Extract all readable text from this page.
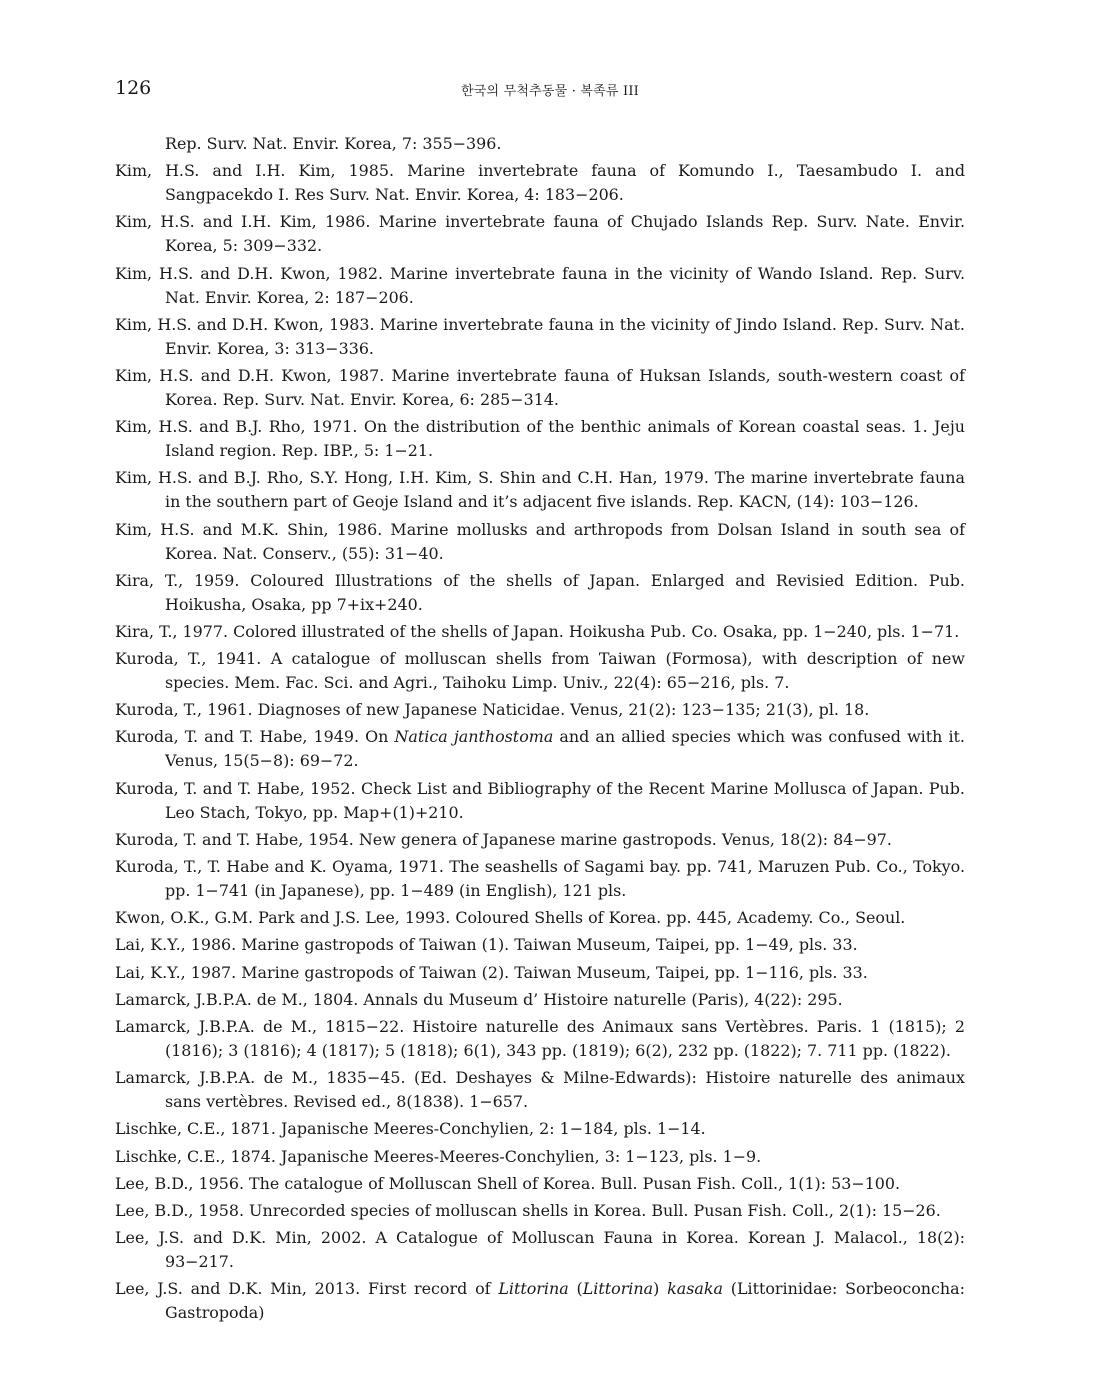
126	한국의 무척추동물 · 복족류 III
Rep. Surv. Nat. Envir. Korea, 7: 355−396.
Kim, H.S. and I.H. Kim, 1985. Marine invertebrate fauna of Komundo I., Taesambudo I. and Sangpacekdo I. Res Surv. Nat. Envir. Korea, 4: 183−206.
Kim, H.S. and I.H. Kim, 1986. Marine invertebrate fauna of Chujado Islands Rep. Surv. Nate. Envir. Korea, 5: 309−332.
Kim, H.S. and D.H. Kwon, 1982. Marine invertebrate fauna in the vicinity of Wando Island. Rep. Surv. Nat. Envir. Korea, 2: 187−206.
Kim, H.S. and D.H. Kwon, 1983. Marine invertebrate fauna in the vicinity of Jindo Island. Rep. Surv. Nat. Envir. Korea, 3: 313−336.
Kim, H.S. and D.H. Kwon, 1987. Marine invertebrate fauna of Huksan Islands, south-western coast of Korea. Rep. Surv. Nat. Envir. Korea, 6: 285−314.
Kim, H.S. and B.J. Rho, 1971. On the distribution of the benthic animals of Korean coastal seas. 1. Jeju Island region. Rep. IBP., 5: 1−21.
Kim, H.S. and B.J. Rho, S.Y. Hong, I.H. Kim, S. Shin and C.H. Han, 1979. The marine invertebrate fauna in the southern part of Geoje Island and it’s adjacent five islands. Rep. KACN, (14): 103−126.
Kim, H.S. and M.K. Shin, 1986. Marine mollusks and arthropods from Dolsan Island in south sea of Korea. Nat. Conserv., (55): 31−40.
Kira, T., 1959. Coloured Illustrations of the shells of Japan. Enlarged and Revisied Edition. Pub. Hoikusha, Osaka, pp 7+ix+240.
Kira, T., 1977. Colored illustrated of the shells of Japan. Hoikusha Pub. Co. Osaka, pp. 1−240, pls. 1−71.
Kuroda, T., 1941. A catalogue of molluscan shells from Taiwan (Formosa), with description of new species. Mem. Fac. Sci. and Agri., Taihoku Limp. Univ., 22(4): 65−216, pls. 7.
Kuroda, T., 1961. Diagnoses of new Japanese Naticidae. Venus, 21(2): 123−135; 21(3), pl. 18.
Kuroda, T. and T. Habe, 1949. On Natica janthostoma and an allied species which was confused with it. Venus, 15(5−8): 69−72.
Kuroda, T. and T. Habe, 1952. Check List and Bibliography of the Recent Marine Mollusca of Japan. Pub. Leo Stach, Tokyo, pp. Map+(1)+210.
Kuroda, T. and T. Habe, 1954. New genera of Japanese marine gastropods. Venus, 18(2): 84−97.
Kuroda, T., T. Habe and K. Oyama, 1971. The seashells of Sagami bay. pp. 741, Maruzen Pub. Co., Tokyo. pp. 1−741 (in Japanese), pp. 1−489 (in English), 121 pls.
Kwon, O.K., G.M. Park and J.S. Lee, 1993. Coloured Shells of Korea. pp. 445, Academy. Co., Seoul.
Lai, K.Y., 1986. Marine gastropods of Taiwan (1). Taiwan Museum, Taipei, pp. 1−49, pls. 33.
Lai, K.Y., 1987. Marine gastropods of Taiwan (2). Taiwan Museum, Taipei, pp. 1−116, pls. 33.
Lamarck, J.B.P.A. de M., 1804. Annals du Museum d’ Histoire naturelle (Paris), 4(22): 295.
Lamarck, J.B.P.A. de M., 1815−22. Histoire naturelle des Animaux sans Vertèbres. Paris. 1 (1815); 2 (1816); 3 (1816); 4 (1817); 5 (1818); 6(1), 343 pp. (1819); 6(2), 232 pp. (1822); 7. 711 pp. (1822).
Lamarck, J.B.P.A. de M., 1835−45. (Ed. Deshayes & Milne-Edwards): Histoire naturelle des animaux sans vertèbres. Revised ed., 8(1838). 1−657.
Lischke, C.E., 1871. Japanische Meeres-Conchylien, 2: 1−184, pls. 1−14.
Lischke, C.E., 1874. Japanische Meeres-Meeres-Conchylien, 3: 1−123, pls. 1−9.
Lee, B.D., 1956. The catalogue of Molluscan Shell of Korea. Bull. Pusan Fish. Coll., 1(1): 53−100.
Lee, B.D., 1958. Unrecorded species of molluscan shells in Korea. Bull. Pusan Fish. Coll., 2(1): 15−26.
Lee, J.S. and D.K. Min, 2002. A Catalogue of Molluscan Fauna in Korea. Korean J. Malacol., 18(2): 93−217.
Lee, J.S. and D.K. Min, 2013. First record of Littorina (Littorina) kasaka (Littorinidae: Sorbeoconcha: Gastropoda)
